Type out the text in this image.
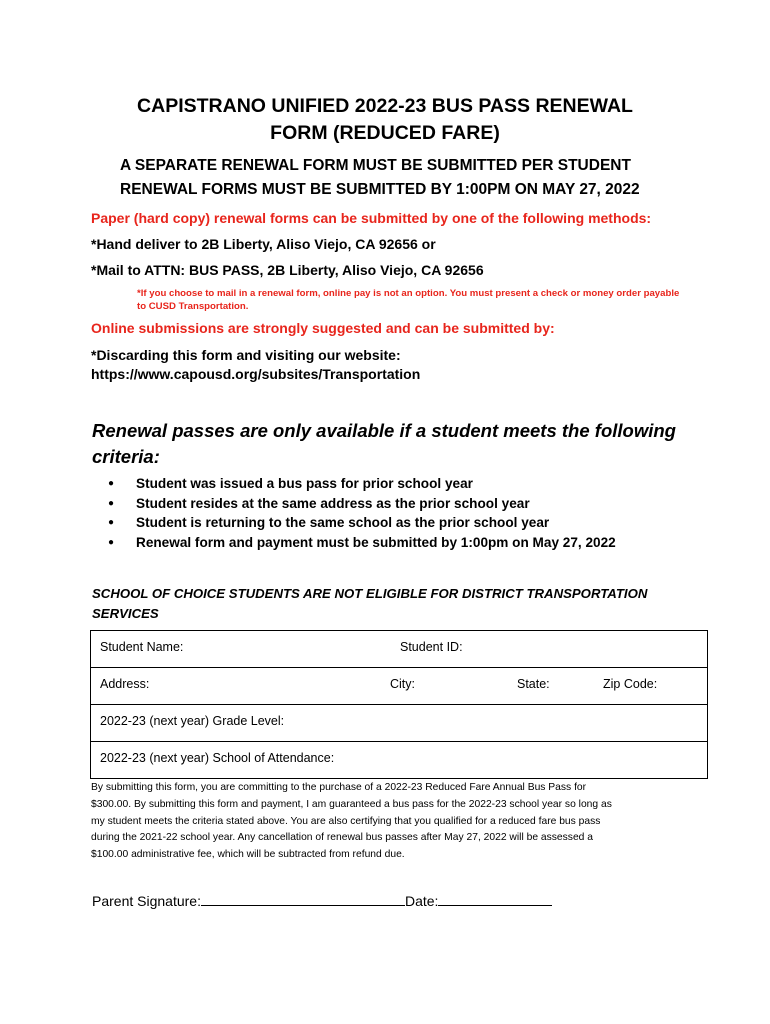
CAPISTRANO UNIFIED 2022-23 BUS PASS RENEWAL
FORM (REDUCED FARE)
A SEPARATE RENEWAL FORM MUST BE SUBMITTED PER STUDENT
RENEWAL FORMS MUST BE SUBMITTED BY 1:00PM ON MAY 27, 2022
Paper (hard copy) renewal forms can be submitted by one of the following methods:
*Hand deliver to 2B Liberty, Aliso Viejo, CA 92656 or
*Mail to ATTN: BUS PASS, 2B Liberty, Aliso Viejo, CA 92656
*If you choose to mail in a renewal form, online pay is not an option. You must present a check or money order payable
to CUSD Transportation.
Online submissions are strongly suggested and can be submitted by:
*Discarding this form and visiting our website:
https://www.capousd.org/subsites/Transportation
Renewal passes are only available if a student meets the following
criteria:
● Student was issued a bus pass for prior school year
● Student resides at the same address as the prior school year
● Student is returning to the same school as the prior school year
● Renewal form and payment must be submitted by 1:00pm on May 27, 2022
SCHOOL OF CHOICE STUDENTS ARE NOT ELIGIBLE FOR DISTRICT TRANSPORTATION
SERVICES
Student Name:	Student ID:

Address:	City:	State:	Zip Code:

2022-23 (next year) Grade Level:

2022-23 (next year) School of Attendance:
By submitting this form, you are committing to the purchase of a 2022-23 Reduced Fare Annual Bus Pass for
$300.00. By submitting this form and payment, I am guaranteed a bus pass for the 2022-23 school year so long as
my student meets the criteria stated above. You are also certifying that you qualified for a reduced fare bus pass
during the 2021-22 school year. Any cancellation of renewal bus passes after May 27, 2022 will be assessed a
$100.00 administrative fee, which will be subtracted from refund due.
Parent Signature:	Date:
